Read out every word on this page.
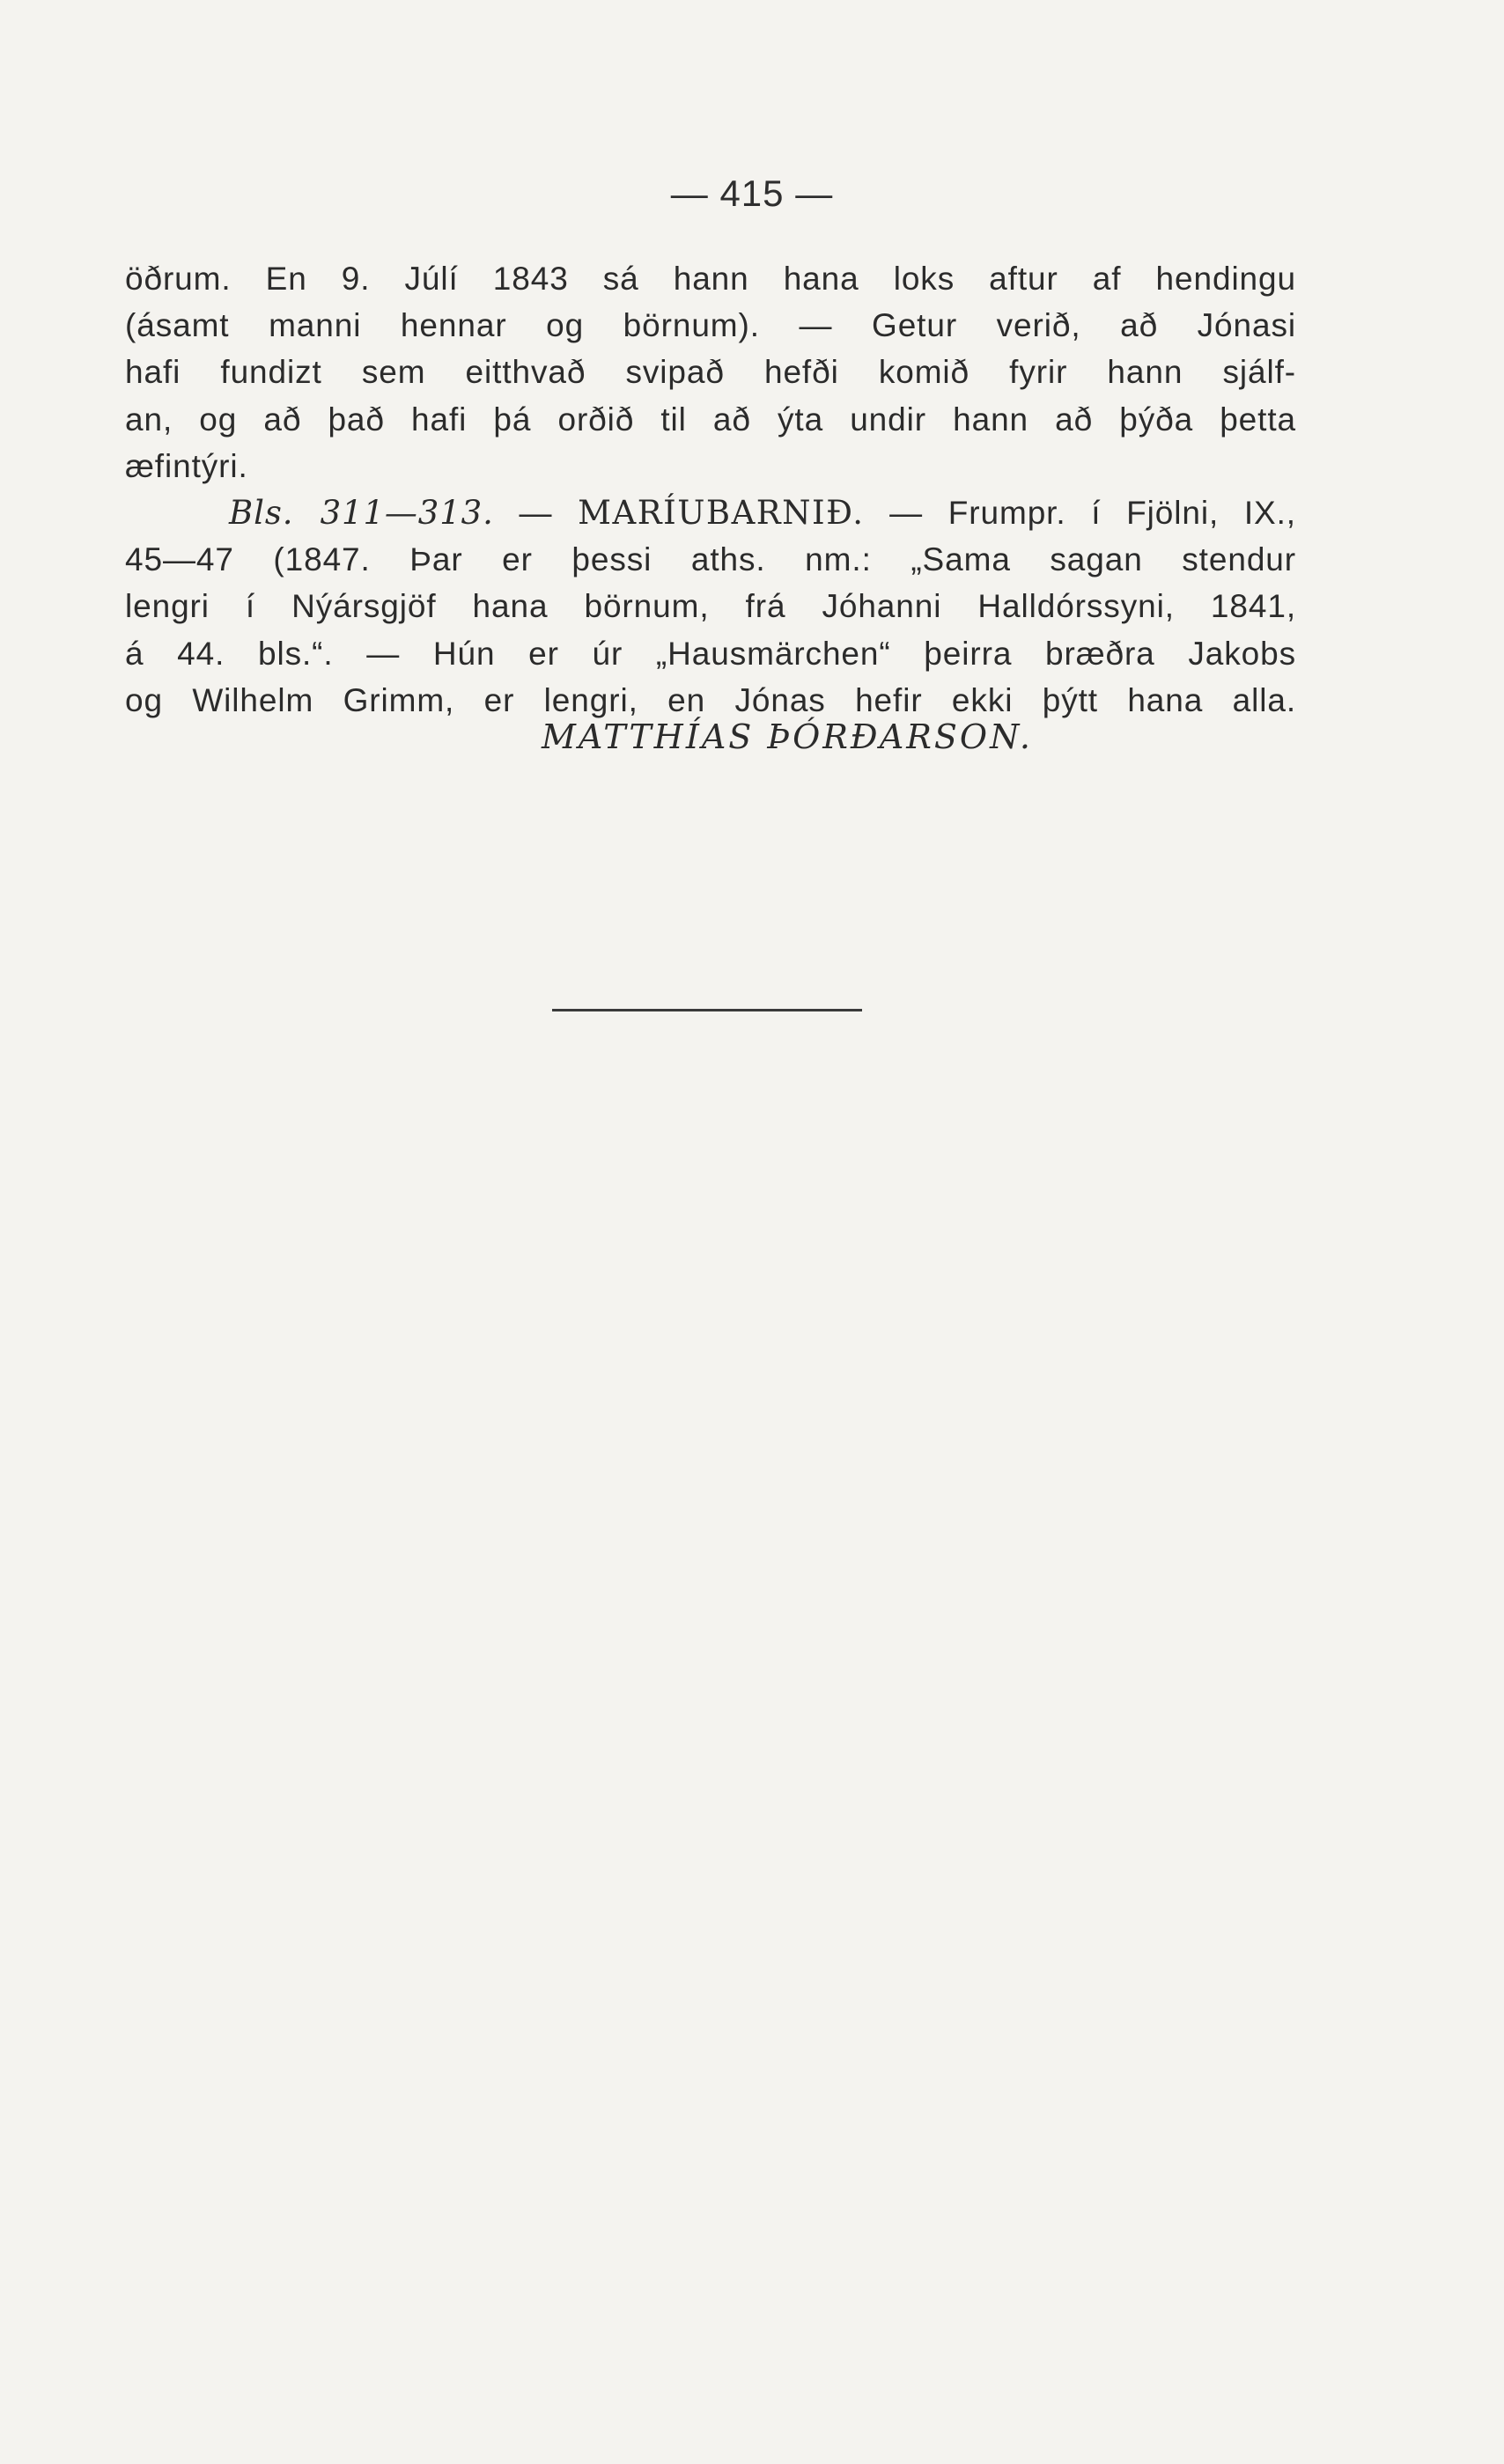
— 415 —
öðrum. En 9. Júlí 1843 sá hann hana loks aftur af hendingu
(ásamt manni hennar og börnum). — Getur verið, að Jónasi
hafi fundizt sem eitthvað svipað hefði komið fyrir hann sjálf-
an, og að það hafi þá orðið til að ýta undir hann að þýða þetta
æfintýri.
Bls. 311—313. — MARÍUBARNIÐ. — Frumpr. í Fjölni, IX.,
45—47 (1847. Þar er þessi aths. nm.: „Sama sagan stendur
lengri í Nýársgjöf hana börnum, frá Jóhanni Halldórssyni, 1841,
á 44. bls.“. — Hún er úr „Hausmärchen“ þeirra bræðra Jakobs
og Wilhelm Grimm, er lengri, en Jónas hefir ekki þýtt hana alla.
MATTHÍAS ÞÓRÐARSON.
